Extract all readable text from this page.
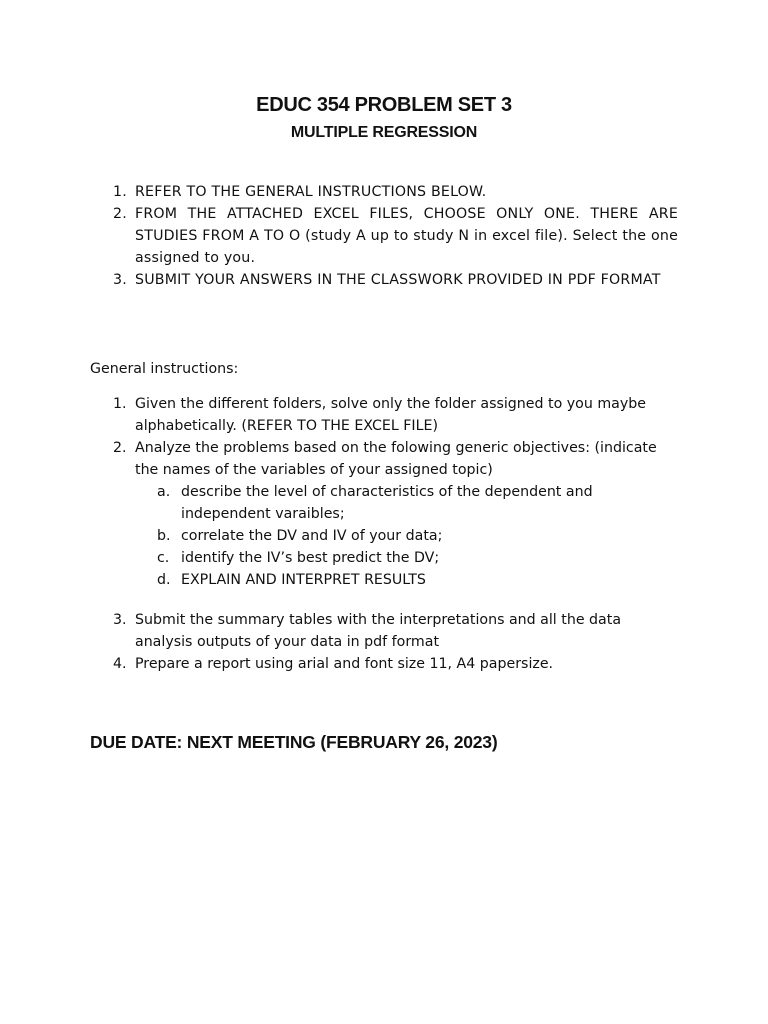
EDUC 354 PROBLEM SET 3
MULTIPLE REGRESSION
1. REFER TO THE GENERAL INSTRUCTIONS BELOW.
2. FROM THE ATTACHED EXCEL FILES, CHOOSE ONLY ONE. THERE ARE STUDIES FROM A TO O (study A up to study N in excel file). Select the one assigned to you.
3. SUBMIT YOUR ANSWERS IN THE CLASSWORK PROVIDED IN PDF FORMAT
General instructions:
1. Given the different folders, solve only the folder assigned to you maybe alphabetically. (REFER TO THE EXCEL FILE)
2. Analyze the problems based on the folowing generic objectives: (indicate the names of the variables of your assigned topic)
a. describe the level of characteristics of the dependent and independent varaibles;
b. correlate the DV and IV of your data;
c. identify the IV’s best predict the DV;
d. EXPLAIN AND INTERPRET RESULTS
3. Submit the summary tables with the interpretations and all the data analysis outputs of your data in pdf format
4. Prepare a report using arial and font size 11, A4 papersize.
DUE DATE: NEXT MEETING (FEBRUARY 26, 2023)
